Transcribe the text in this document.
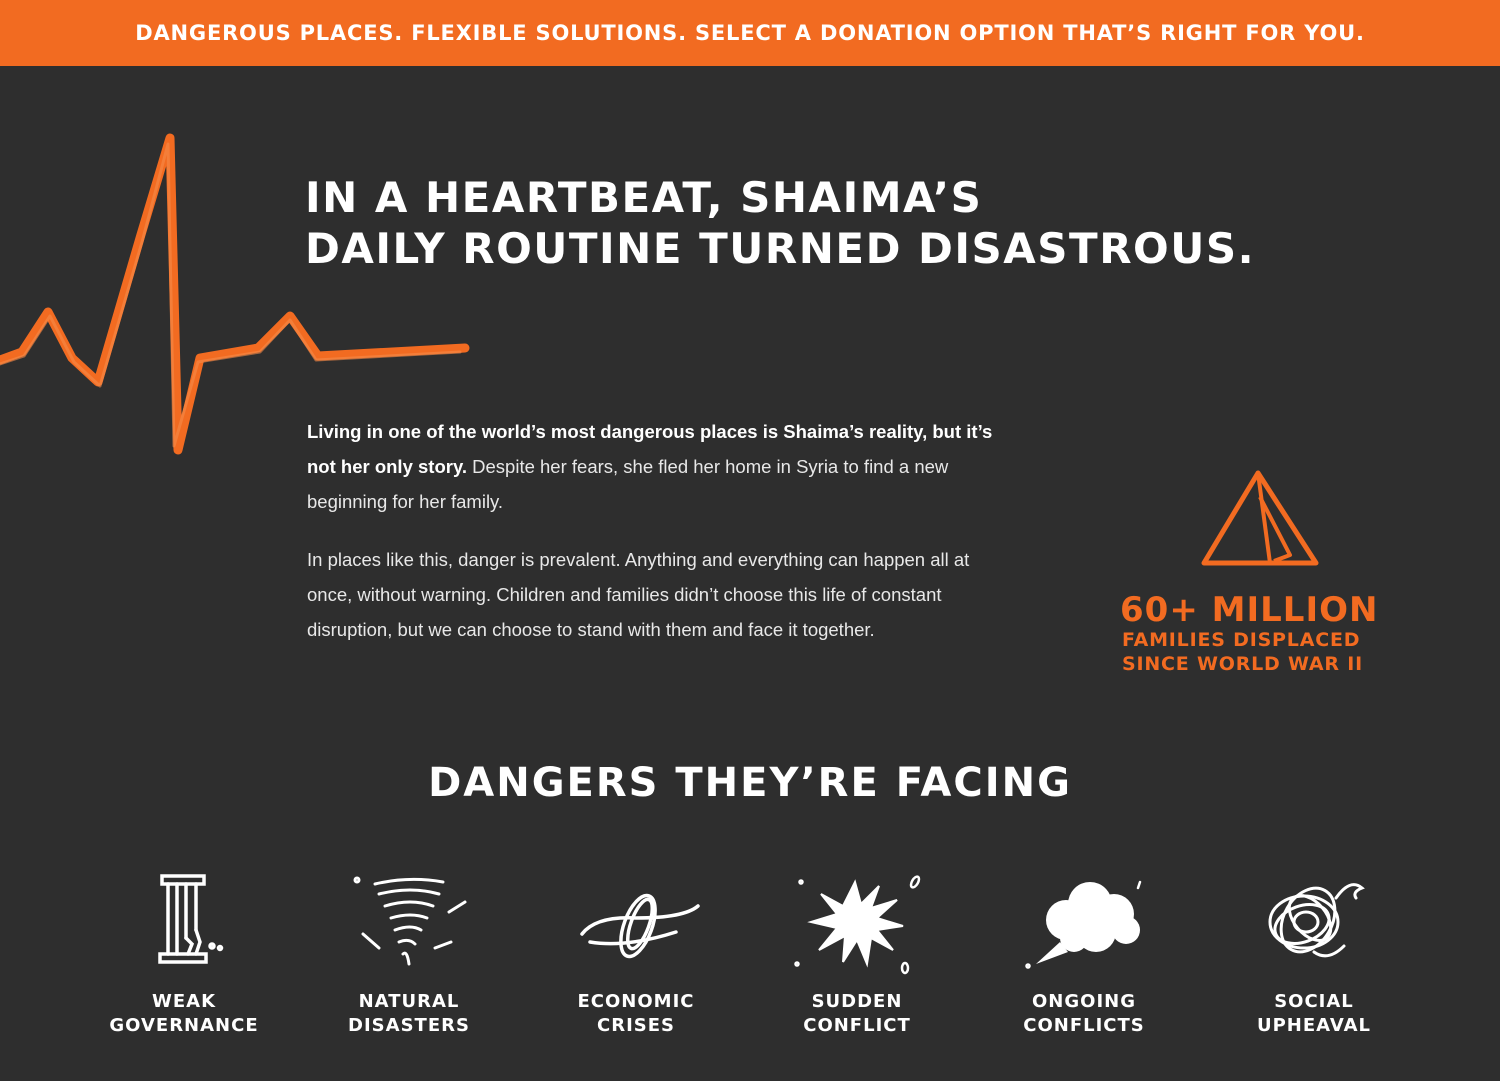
DANGEROUS PLACES. FLEXIBLE SOLUTIONS. SELECT A DONATION OPTION THAT’S RIGHT FOR YOU.
IN A HEARTBEAT, SHAIMA’S
DAILY ROUTINE TURNED DISASTROUS.

Living in one of the world’s most dangerous places is Shaima’s reality, but it’s not her only story. Despite her fears, she fled her home in Syria to find a new beginning for her family.

In places like this, danger is prevalent. Anything and everything can happen all at once, without warning. Children and families didn’t choose this life of constant disruption, but we can choose to stand with them and face it together.	60+ MILLION
FAMILIES DISPLACED
SINCE WORLD WAR II
DANGERS THEY’RE FACING
WEAK
GOVERNANCE
NATURAL
DISASTERS
ECONOMIC
CRISES
SUDDEN
CONFLICT
ONGOING
CONFLICTS
SOCIAL
UPHEAVAL
